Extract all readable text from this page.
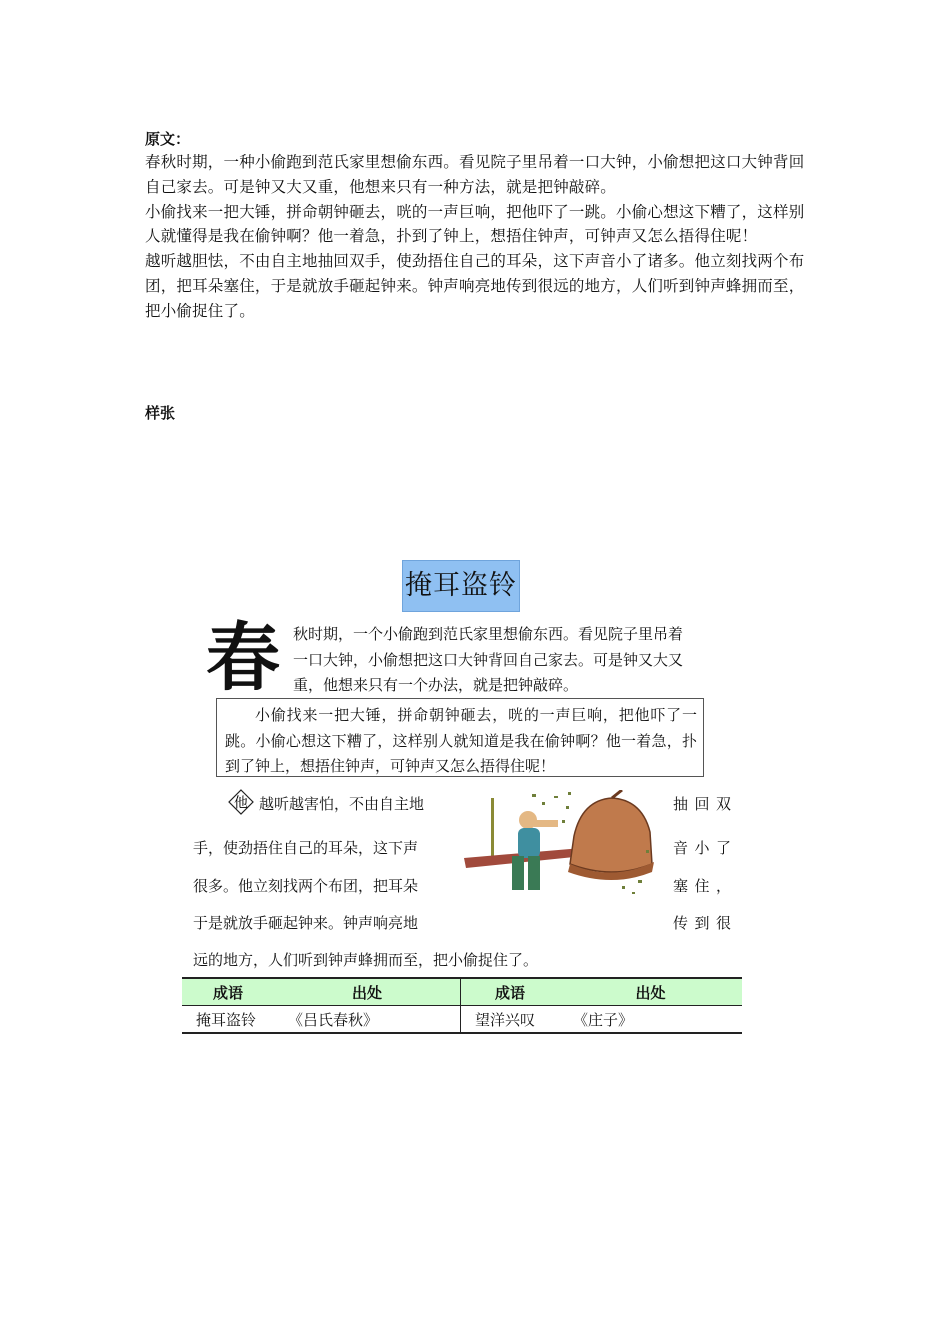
原文：

春秋时期，一种小偷跑到范氏家里想偷东西。看见院子里吊着一口大钟，小偷想把这口大钟背回自己家去。可是钟又大又重，他想来只有一种方法，就是把钟敲碎。

小偷找来一把大锤，拼命朝钟砸去，咣的一声巨响，把他吓了一跳。小偷心想这下糟了，这样别人就懂得是我在偷钟啊？他一着急，扑到了钟上，想捂住钟声，可钟声又怎么捂得住呢！

越听越胆怯，不由自主地抽回双手，使劲捂住自己的耳朵，这下声音小了诸多。他立刻找两个布团，把耳朵塞住，于是就放手砸起钟来。钟声响亮地传到很远的地方，人们听到钟声蜂拥而至，把小偷捉住了。

样张
掩耳盗铃
春 秋时期，一个小偷跑到范氏家里想偷东西。看见院子里吊着
一口大钟，小偷想把这口大钟背回自己家去。可是钟又大又
重，他想来只有一个办法，就是把钟敲碎。
小偷找来一把大锤，拼命朝钟砸去，咣的一声巨响，把他吓了一跳。小偷心想这下糟了，这样别人就知道是我在偷钟啊？他一着急，扑到了钟上，想捂住钟声，可钟声又怎么捂得住呢！
他 越听越害怕，不由自主地
手，使劲捂住自己的耳朵，这下声
很多。他立刻找两个布团，把耳朵
于是就放手砸起钟来。钟声响亮地
抽回双
音小了
塞住，
传到很
远的地方，人们听到钟声蜂拥而至，把小偷捉住了。
成语	出处	成语	出处
掩耳盗铃	《吕氏春秋》	望洋兴叹	《庄子》
